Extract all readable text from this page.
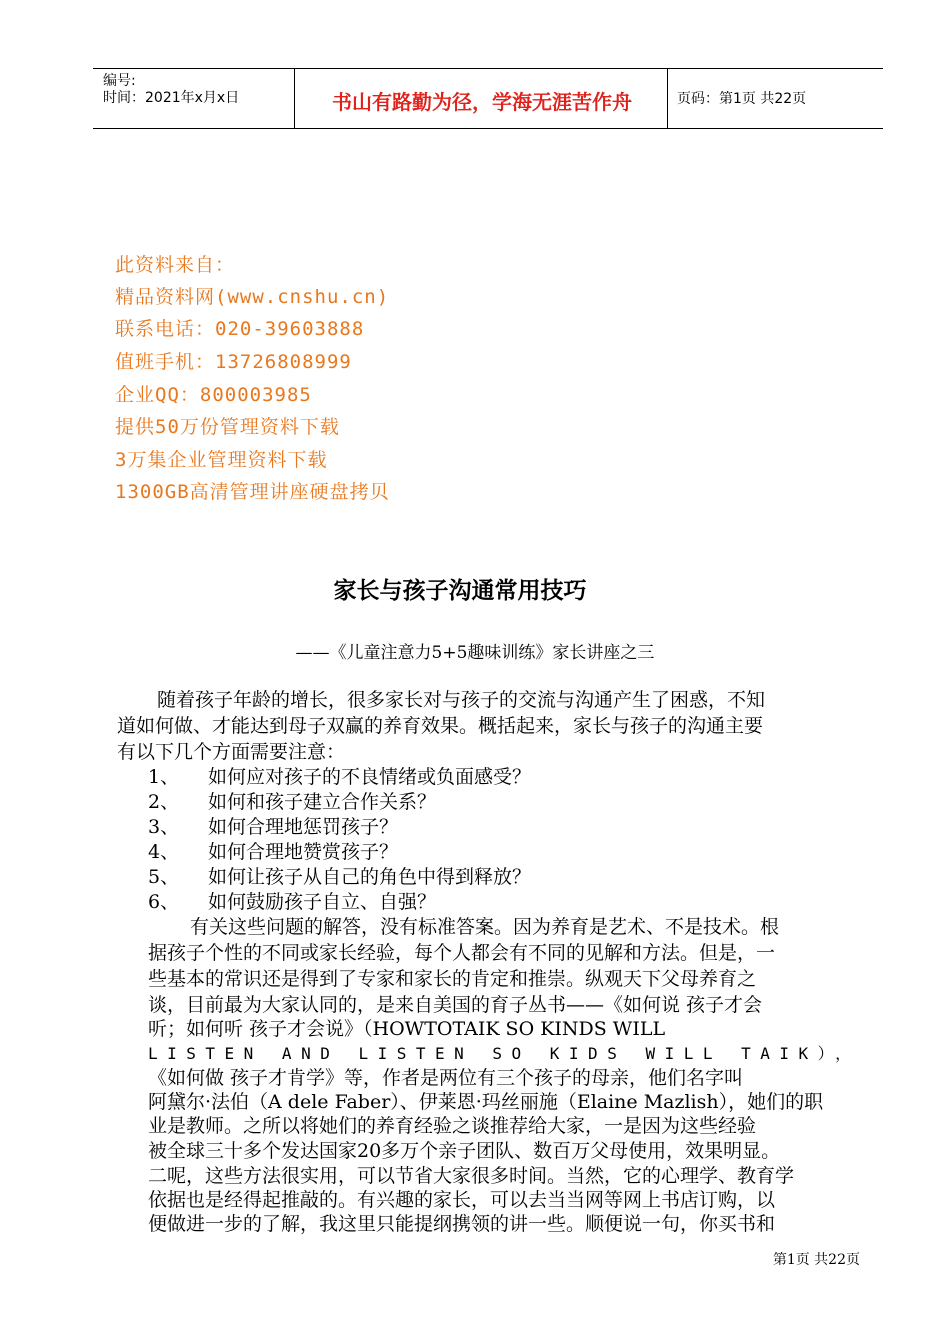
编号:
时间：2021年x月x日	书山有路勤为径，学海无涯苦作舟	页码：第1页 共22页
此资料来自：
精品资料网(www.cnshu.cn)
联系电话：020-39603888
值班手机：13726808999
企业QQ：800003985
提供50万份管理资料下载
3万集企业管理资料下载
1300GB高清管理讲座硬盘拷贝
家长与孩子沟通常用技巧
——《儿童注意力5+5趣味训练》家长讲座之三
随着孩子年龄的增长，很多家长对与孩子的交流与沟通产生了困惑，不知
道如何做、才能达到母子双赢的养育效果。概括起来，家长与孩子的沟通主要
有以下几个方面需要注意：
1、 如何应对孩子的不良情绪或负面感受？
2、 如何和孩子建立合作关系？
3、 如何合理地惩罚孩子？
4、 如何合理地赞赏孩子？
5、 如何让孩子从自己的角色中得到释放？
6、 如何鼓励孩子自立、自强？
有关这些问题的解答，没有标准答案。因为养育是艺术、不是技术。根
据孩子个性的不同或家长经验，每个人都会有不同的见解和方法。但是，一
些基本的常识还是得到了专家和家长的肯定和推崇。纵观天下父母养育之
谈，目前最为大家认同的，是来自美国的育子丛书——《如何说 孩子才会
听；如何听 孩子才会说》（HOWTOTAIK SO KINDS WILL
LISTEN AND LISTEN SO KIDS WILL TAIK），
《如何做 孩子才肯学》等，作者是两位有三个孩子的母亲，他们名字叫
阿黛尔·法伯（A dele Faber）、伊莱恩·玛丝丽施（Elaine Mazlish），她们的职
业是教师。之所以将她们的养育经验之谈推荐给大家，一是因为这些经验
被全球三十多个发达国家20多万个亲子团队、数百万父母使用，效果明显。
二呢，这些方法很实用，可以节省大家很多时间。当然，它的心理学、教育学
依据也是经得起推敲的。有兴趣的家长，可以去当当网等网上书店订购，以
便做进一步的了解，我这里只能提纲携领的讲一些。顺便说一句，你买书和
第1页 共22页
